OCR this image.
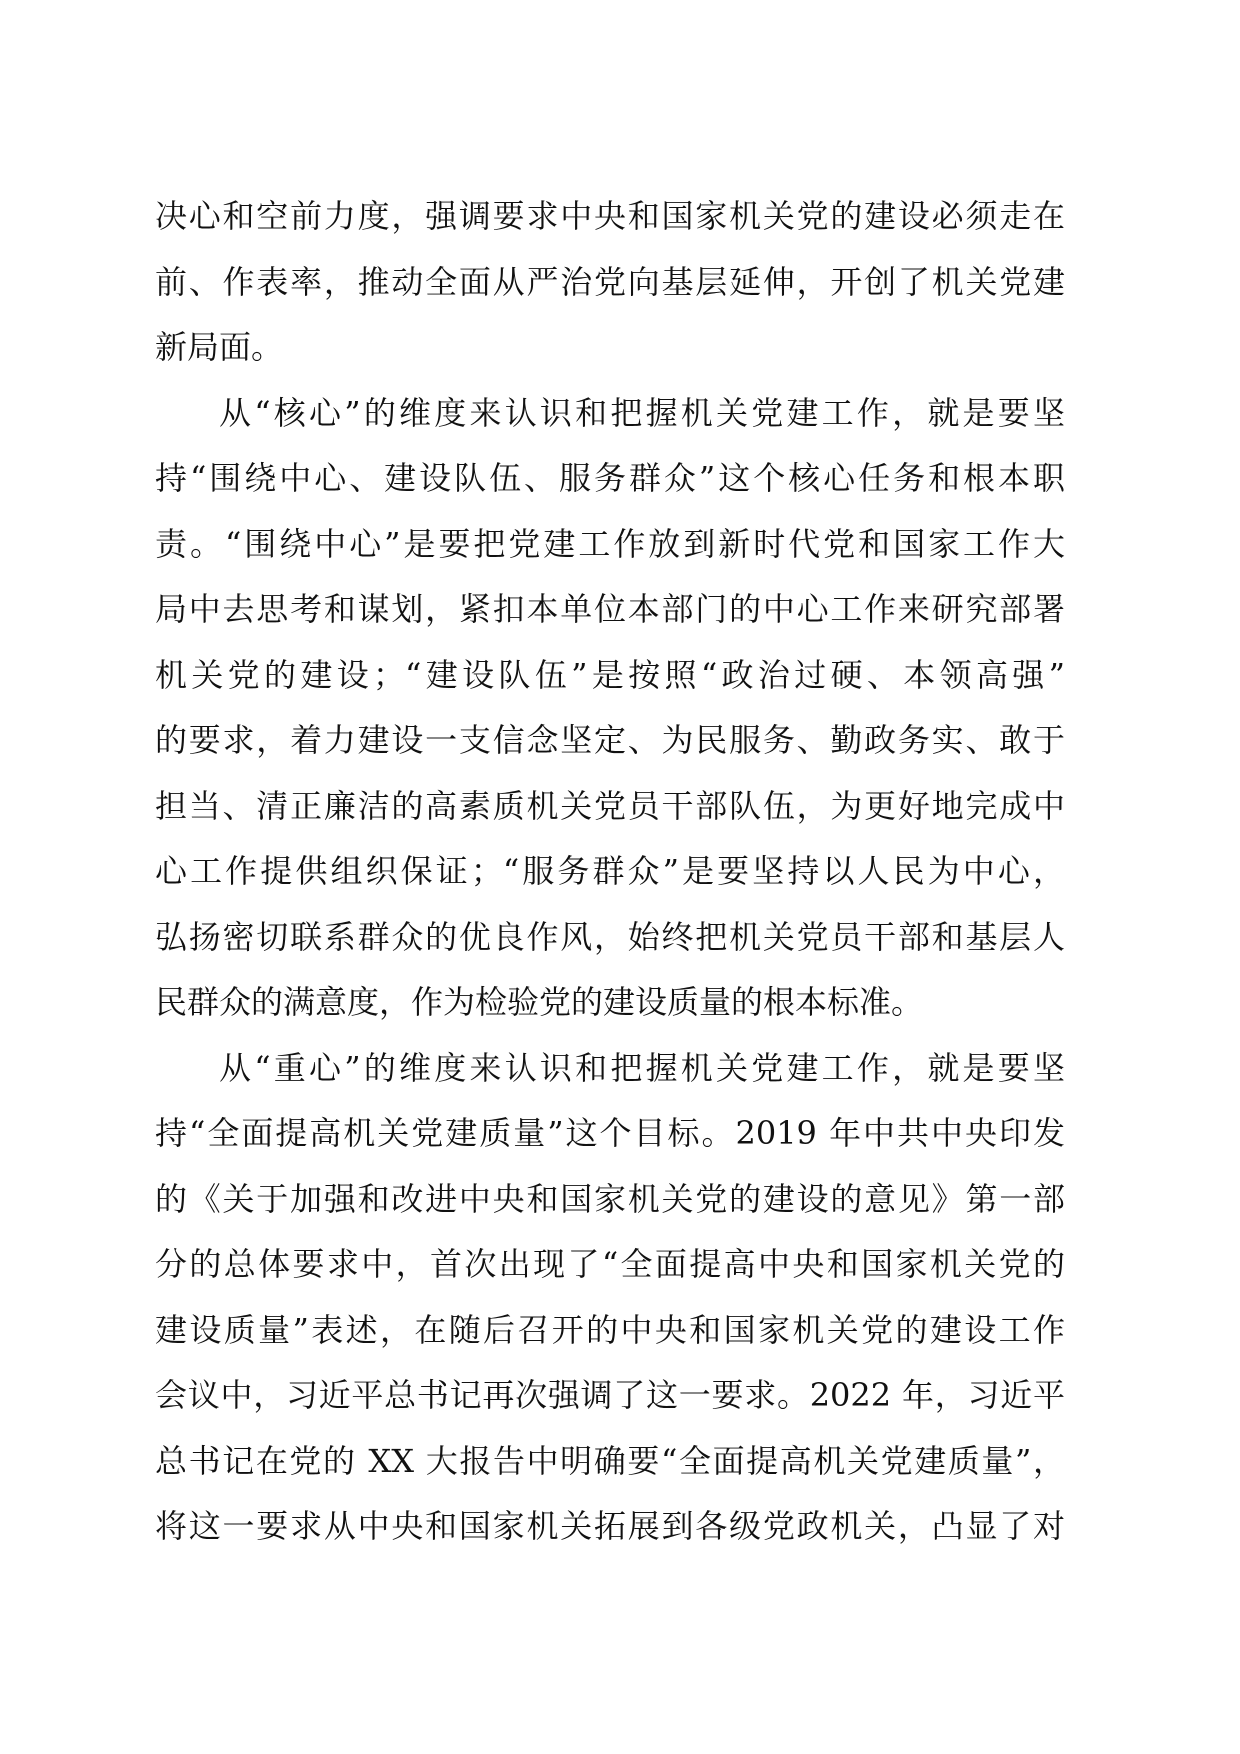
决心和空前力度，强调要求中央和国家机关党的建设必须走在
前、作表率，推动全面从严治党向基层延伸，开创了机关党建
新局面。
从“核心”的维度来认识和把握机关党建工作，就是要坚
持“围绕中心、建设队伍、服务群众”这个核心任务和根本职
责。“围绕中心”是要把党建工作放到新时代党和国家工作大
局中去思考和谋划，紧扣本单位本部门的中心工作来研究部署
机关党的建设；“建设队伍”是按照“政治过硬、本领高强”
的要求，着力建设一支信念坚定、为民服务、勤政务实、敢于
担当、清正廉洁的高素质机关党员干部队伍，为更好地完成中
心工作提供组织保证；“服务群众”是要坚持以人民为中心，
弘扬密切联系群众的优良作风，始终把机关党员干部和基层人
民群众的满意度，作为检验党的建设质量的根本标准。
从“重心”的维度来认识和把握机关党建工作，就是要坚
持“全面提高机关党建质量”这个目标。2019 年中共中央印发
的《关于加强和改进中央和国家机关党的建设的意见》第一部
分的总体要求中，首次出现了“全面提高中央和国家机关党的
建设质量”表述，在随后召开的中央和国家机关党的建设工作
会议中，习近平总书记再次强调了这一要求。2022 年，习近平
总书记在党的 XX 大报告中明确要“全面提高机关党建质量”，
将这一要求从中央和国家机关拓展到各级党政机关，凸显了对
